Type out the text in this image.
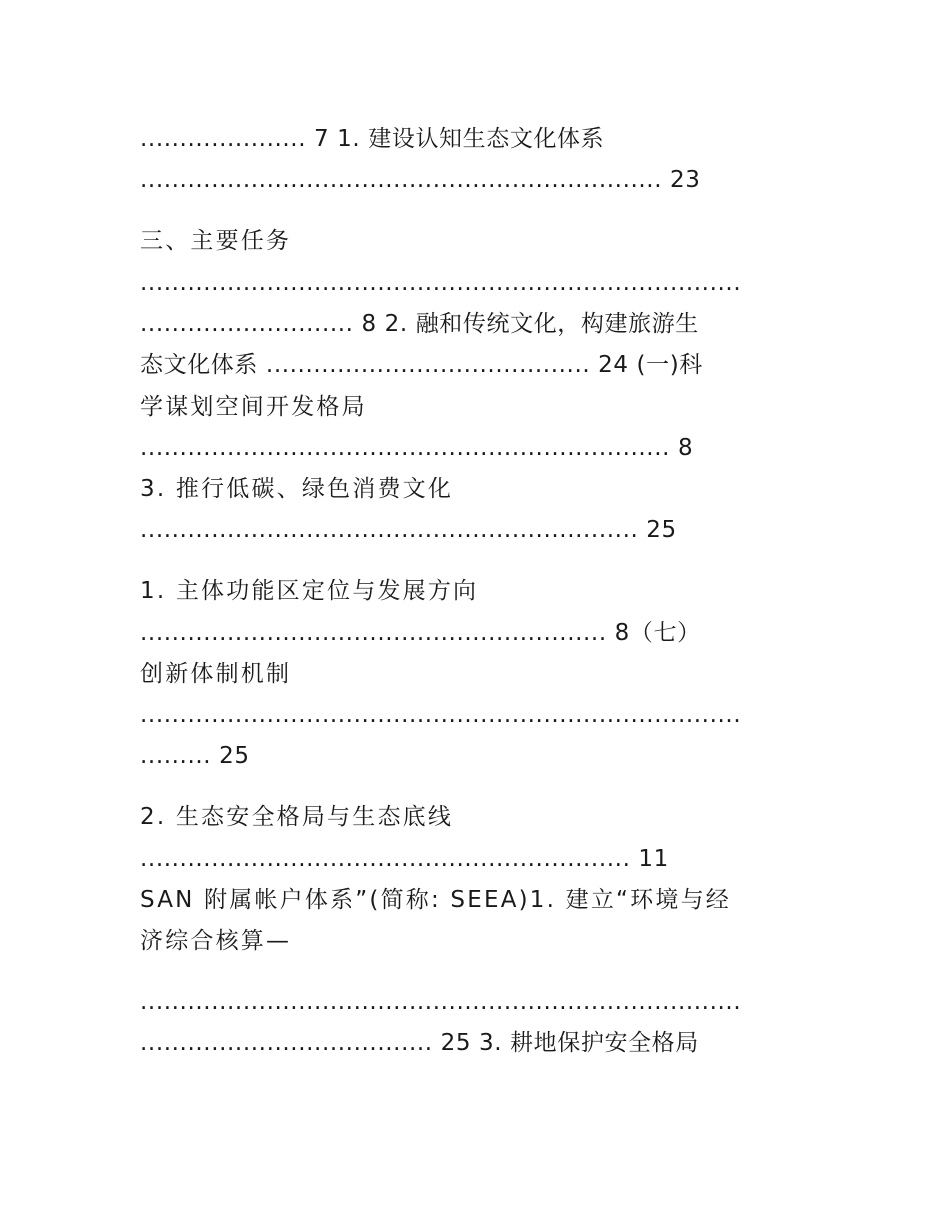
..................... 7 1. 建设认知生态文化体系
.................................................................. 23
三、主要任务
............................................................................
........................... 8 2. 融和传统文化，构建旅游生
态文化体系 ......................................... 24 (一)科
学谋划空间开发格局
................................................................... 8
3. 推行低碳、绿色消费文化
............................................................... 25
1. 主体功能区定位与发展方向
........................................................... 8（七）
创新体制机制
............................................................................
......... 25
2. 生态安全格局与生态底线
.............................................................. 11
SAN 附属帐户体系”(简称: SEEA)1. 建立“环境与经
济综合核算—
............................................................................
..................................... 25 3. 耕地保护安全格局
